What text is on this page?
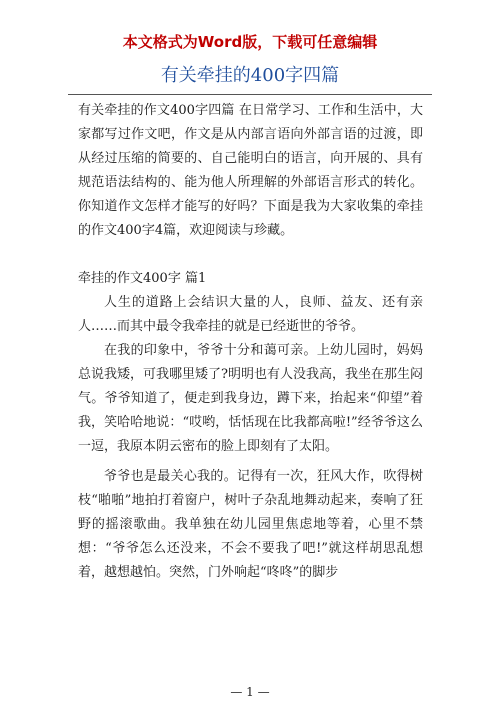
本文格式为Word版，下载可任意编辑
有关牵挂的400字四篇

有关牵挂的作文400字四篇 在日常学习、工作和生活中，大家都写过作文吧，作文是从内部言语向外部言语的过渡，即从经过压缩的简要的、自己能明白的语言，向开展的、具有规范语法结构的、能为他人所理解的外部语言形式的转化。你知道作文怎样才能写的好吗？下面是我为大家收集的牵挂的作文400字4篇，欢迎阅读与珍藏。

牵挂的作文400字 篇1

人生的道路上会结识大量的人，良师、益友、还有亲人……而其中最令我牵挂的就是已经逝世的爷爷。

在我的印象中，爷爷十分和蔼可亲。上幼儿园时，妈妈总说我矮，可我哪里矮了?明明也有人没我高，我坐在那生闷气。爷爷知道了，便走到我身边，蹲下来，抬起来“仰望”着我，笑哈哈地说：“哎哟，恬恬现在比我都高啦!”经爷爷这么一逗，我原本阴云密布的脸上即刻有了太阳。

爷爷也是最关心我的。记得有一次，狂风大作，吹得树枝“啪啪”地拍打着窗户，树叶子杂乱地舞动起来，奏响了狂野的摇滚歌曲。我单独在幼儿园里焦虑地等着，心里不禁想：“爷爷怎么还没来，不会不要我了吧!”就这样胡思乱想着，越想越怕。突然，门外响起“咚咚”的脚步

— 1 —
